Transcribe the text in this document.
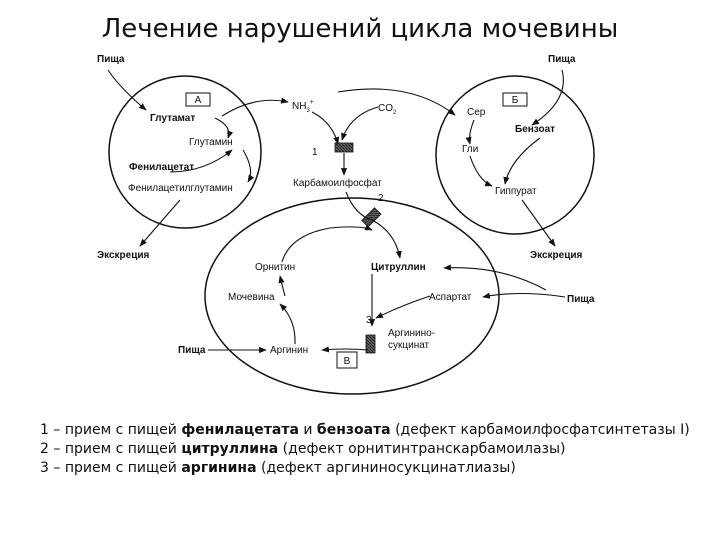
Лечение нарушений цикла мочевины
А	Б
В
Пища	Пища
Глутамат
Глутамин
Фенилацетат
Фенилацетилглутамин
$NH_3^+$
$CO_2$	Сер
Бензоат
Гли
Гиппурат
1
Карбамоилфосфат
2
Экскреция	Экскреция
Орнитин	Цитруллин
Мочевина	Аспартат	Пища
3
Аргинино-
сукцинат
Пища	Аргинин

1 – прием с пищей фенилацетата и бензоата (дефект карбамоилфосфатсинтетазы I)

2 – прием с пищей цитруллина (дефект орнитинтранскарбамоилазы)

3 – прием с пищей аргинина (дефект аргининосукцинатлиазы)
